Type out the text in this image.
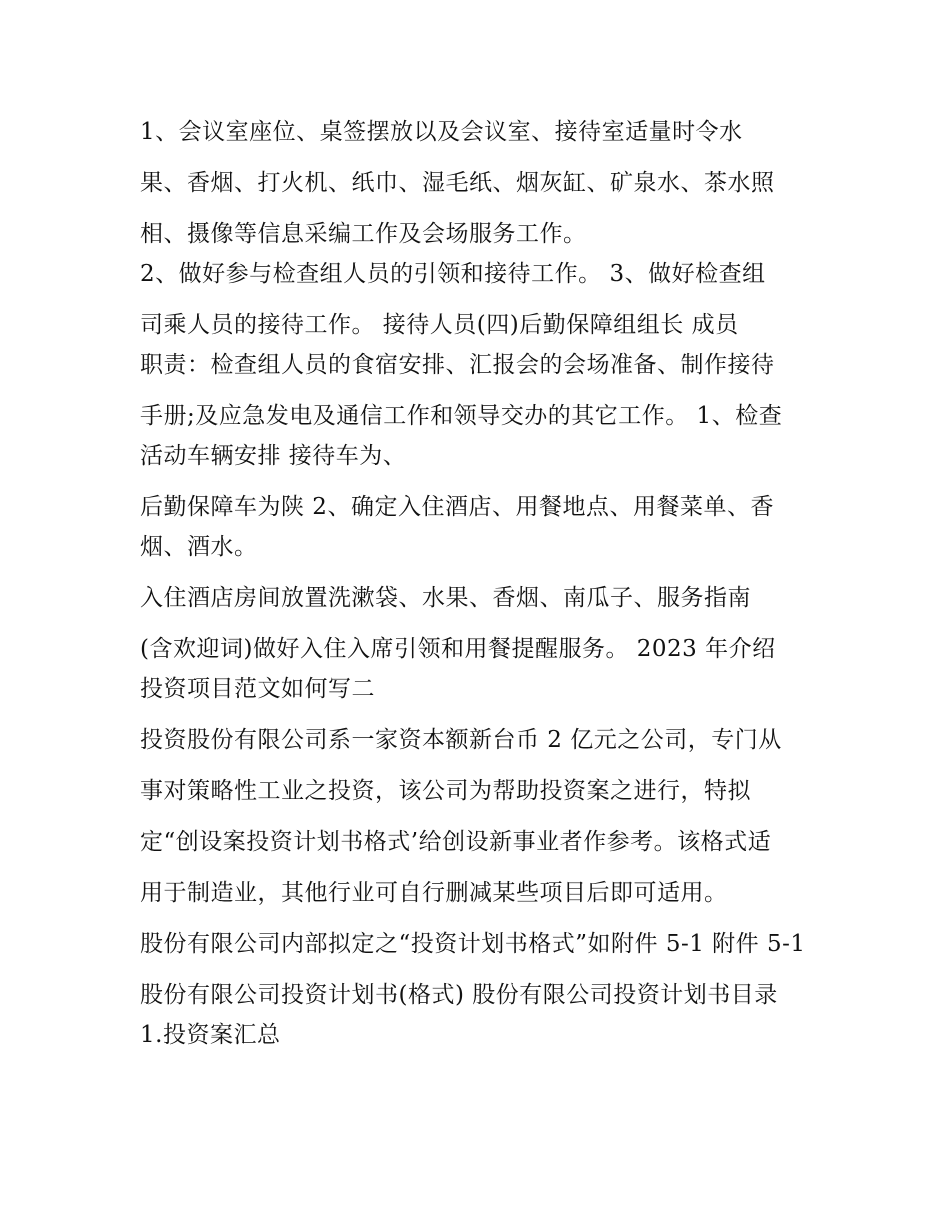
1、会议室座位、桌签摆放以及会议室、接待室适量时令水

果、香烟、打火机、纸巾、湿毛纸、烟灰缸、矿泉水、茶水照

相、摄像等信息采编工作及会场服务工作。

2、做好参与检查组人员的引领和接待工作。 3、做好检查组

司乘人员的接待工作。 接待人员(四)后勤保障组组长 成员

职责：检查组人员的食宿安排、汇报会的会场准备、制作接待

手册;及应急发电及通信工作和领导交办的其它工作。 1、检查

活动车辆安排 接待车为、

后勤保障车为陕 2、确定入住酒店、用餐地点、用餐菜单、香

烟、酒水。

入住酒店房间放置洗漱袋、水果、香烟、南瓜子、服务指南

(含欢迎词)做好入住入席引领和用餐提醒服务。 2023 年介绍

投资项目范文如何写二

投资股份有限公司系一家资本额新台币 2 亿元之公司，专门从

事对策略性工业之投资，该公司为帮助投资案之进行，特拟

定“创设案投资计划书格式’给创设新事业者作参考。该格式适

用于制造业，其他行业可自行删减某些项目后即可适用。

股份有限公司内部拟定之“投资计划书格式”如附件 5-1 附件 5-1

股份有限公司投资计划书(格式) 股份有限公司投资计划书目录

1.投资案汇总
